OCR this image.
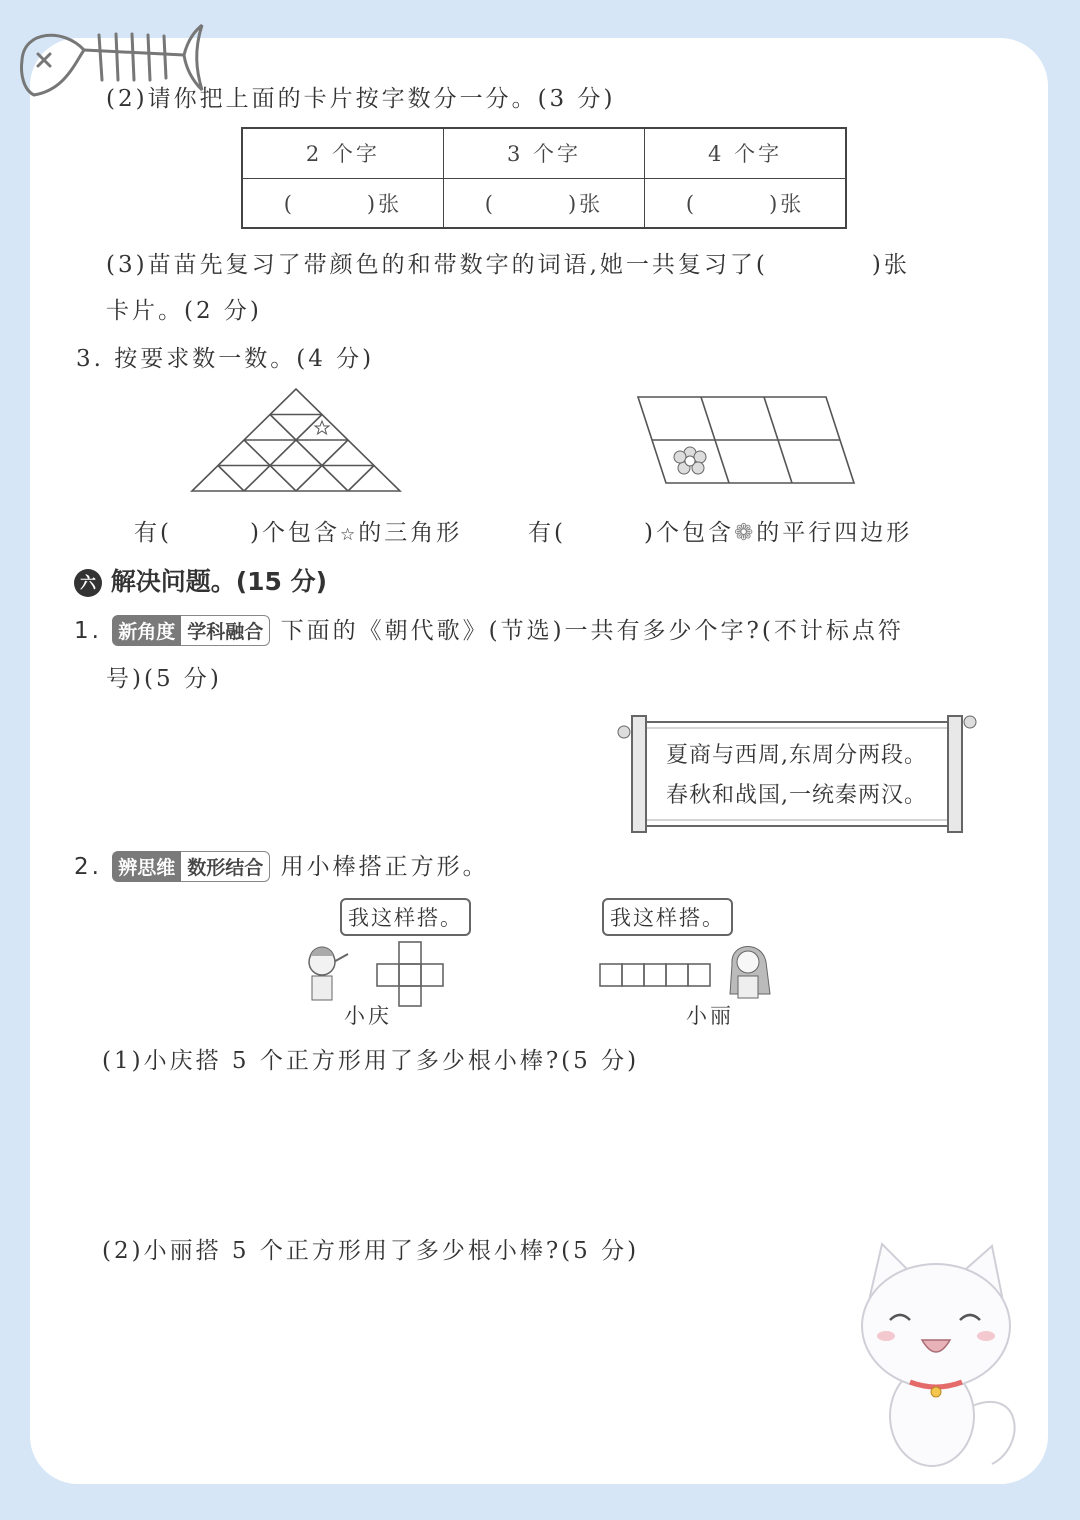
(2)请你把上面的卡片按字数分一分。(3 分)
2 个字	3 个字	4 个字
(　　　)张	(　　　)张	(　　　)张
(3)苗苗先复习了带颜色的和带数字的词语,她一共复习了(　　　　)张
卡片。(2 分)
3. 按要求数一数。(4 分)
有(　　　)个包含☆的三角形	有(　　　)个包含❁的平行四边形
六 解决问题。(15 分)
1. 新角度 学科融合 下面的《朝代歌》(节选)一共有多少个字?(不计标点符
号)(5 分)
夏商与西周,东周分两段。
春秋和战国,一统秦两汉。
2. 辨思维 数形结合 用小棒搭正方形。
我这样搭。
小庆
我这样搭。
小丽
(1)小庆搭 5 个正方形用了多少根小棒?(5 分)
(2)小丽搭 5 个正方形用了多少根小棒?(5 分)
